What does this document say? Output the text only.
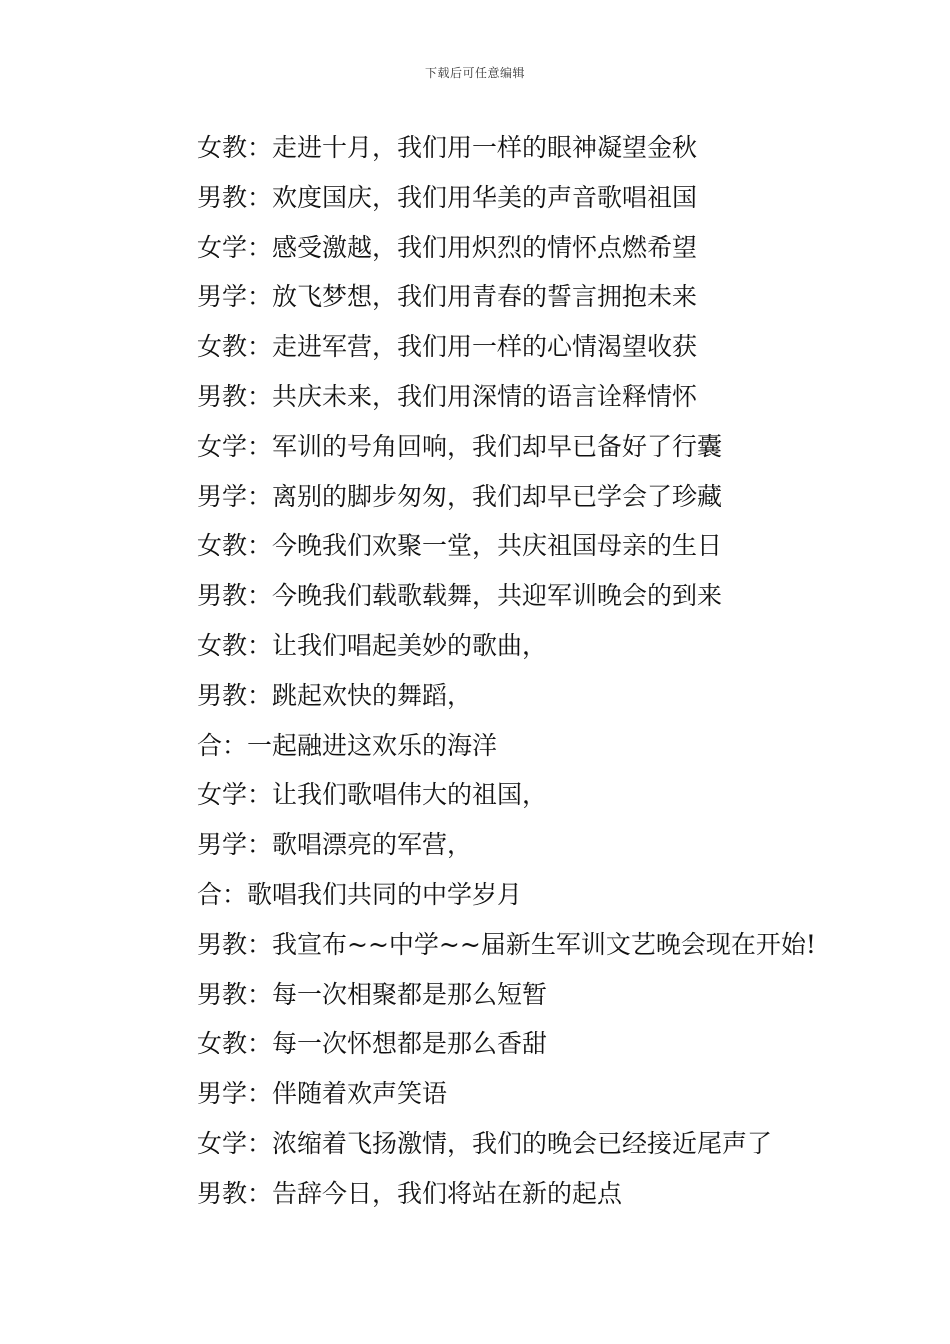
下载后可任意编辑
女教 ： 走进十月，我们用一样的眼神凝望金秋
男教 ： 欢度国庆，我们用华美的声音歌唱祖国
女学 ： 感受激越，我们用炽烈的情怀点燃希望
男学 ： 放飞梦想，我们用青春的誓言拥抱未来
女教 ： 走进军营，我们用一样的心情渴望收获
男教 ： 共庆未来，我们用深情的语言诠释情怀
女学 ： 军训的号角回响，我们却早已备好了行囊
男学 ： 离别的脚步匆匆，我们却早已学会了珍藏
女教 ： 今晚我们欢聚一堂，共庆祖国母亲的生日
男教 ： 今晚我们载歌载舞，共迎军训晚会的到来
女教 ： 让我们唱起美妙的歌曲，
男教 ： 跳起欢快的舞蹈，
合 ： 一起融进这欢乐的海洋
女学 ： 让我们歌唱伟大的祖国，
男学 ： 歌唱漂亮的军营，
合 ： 歌唱我们共同的中学岁月
男教 ： 我宣布~~中学~~届新生军训文艺晚会现在开始!
男教 ： 每一次相聚都是那么短暂
女教 ： 每一次怀想都是那么香甜
男学 ： 伴随着欢声笑语
女学 ： 浓缩着飞扬激情，我们的晚会已经接近尾声了
男教 ： 告辞今日，我们将站在新的起点
